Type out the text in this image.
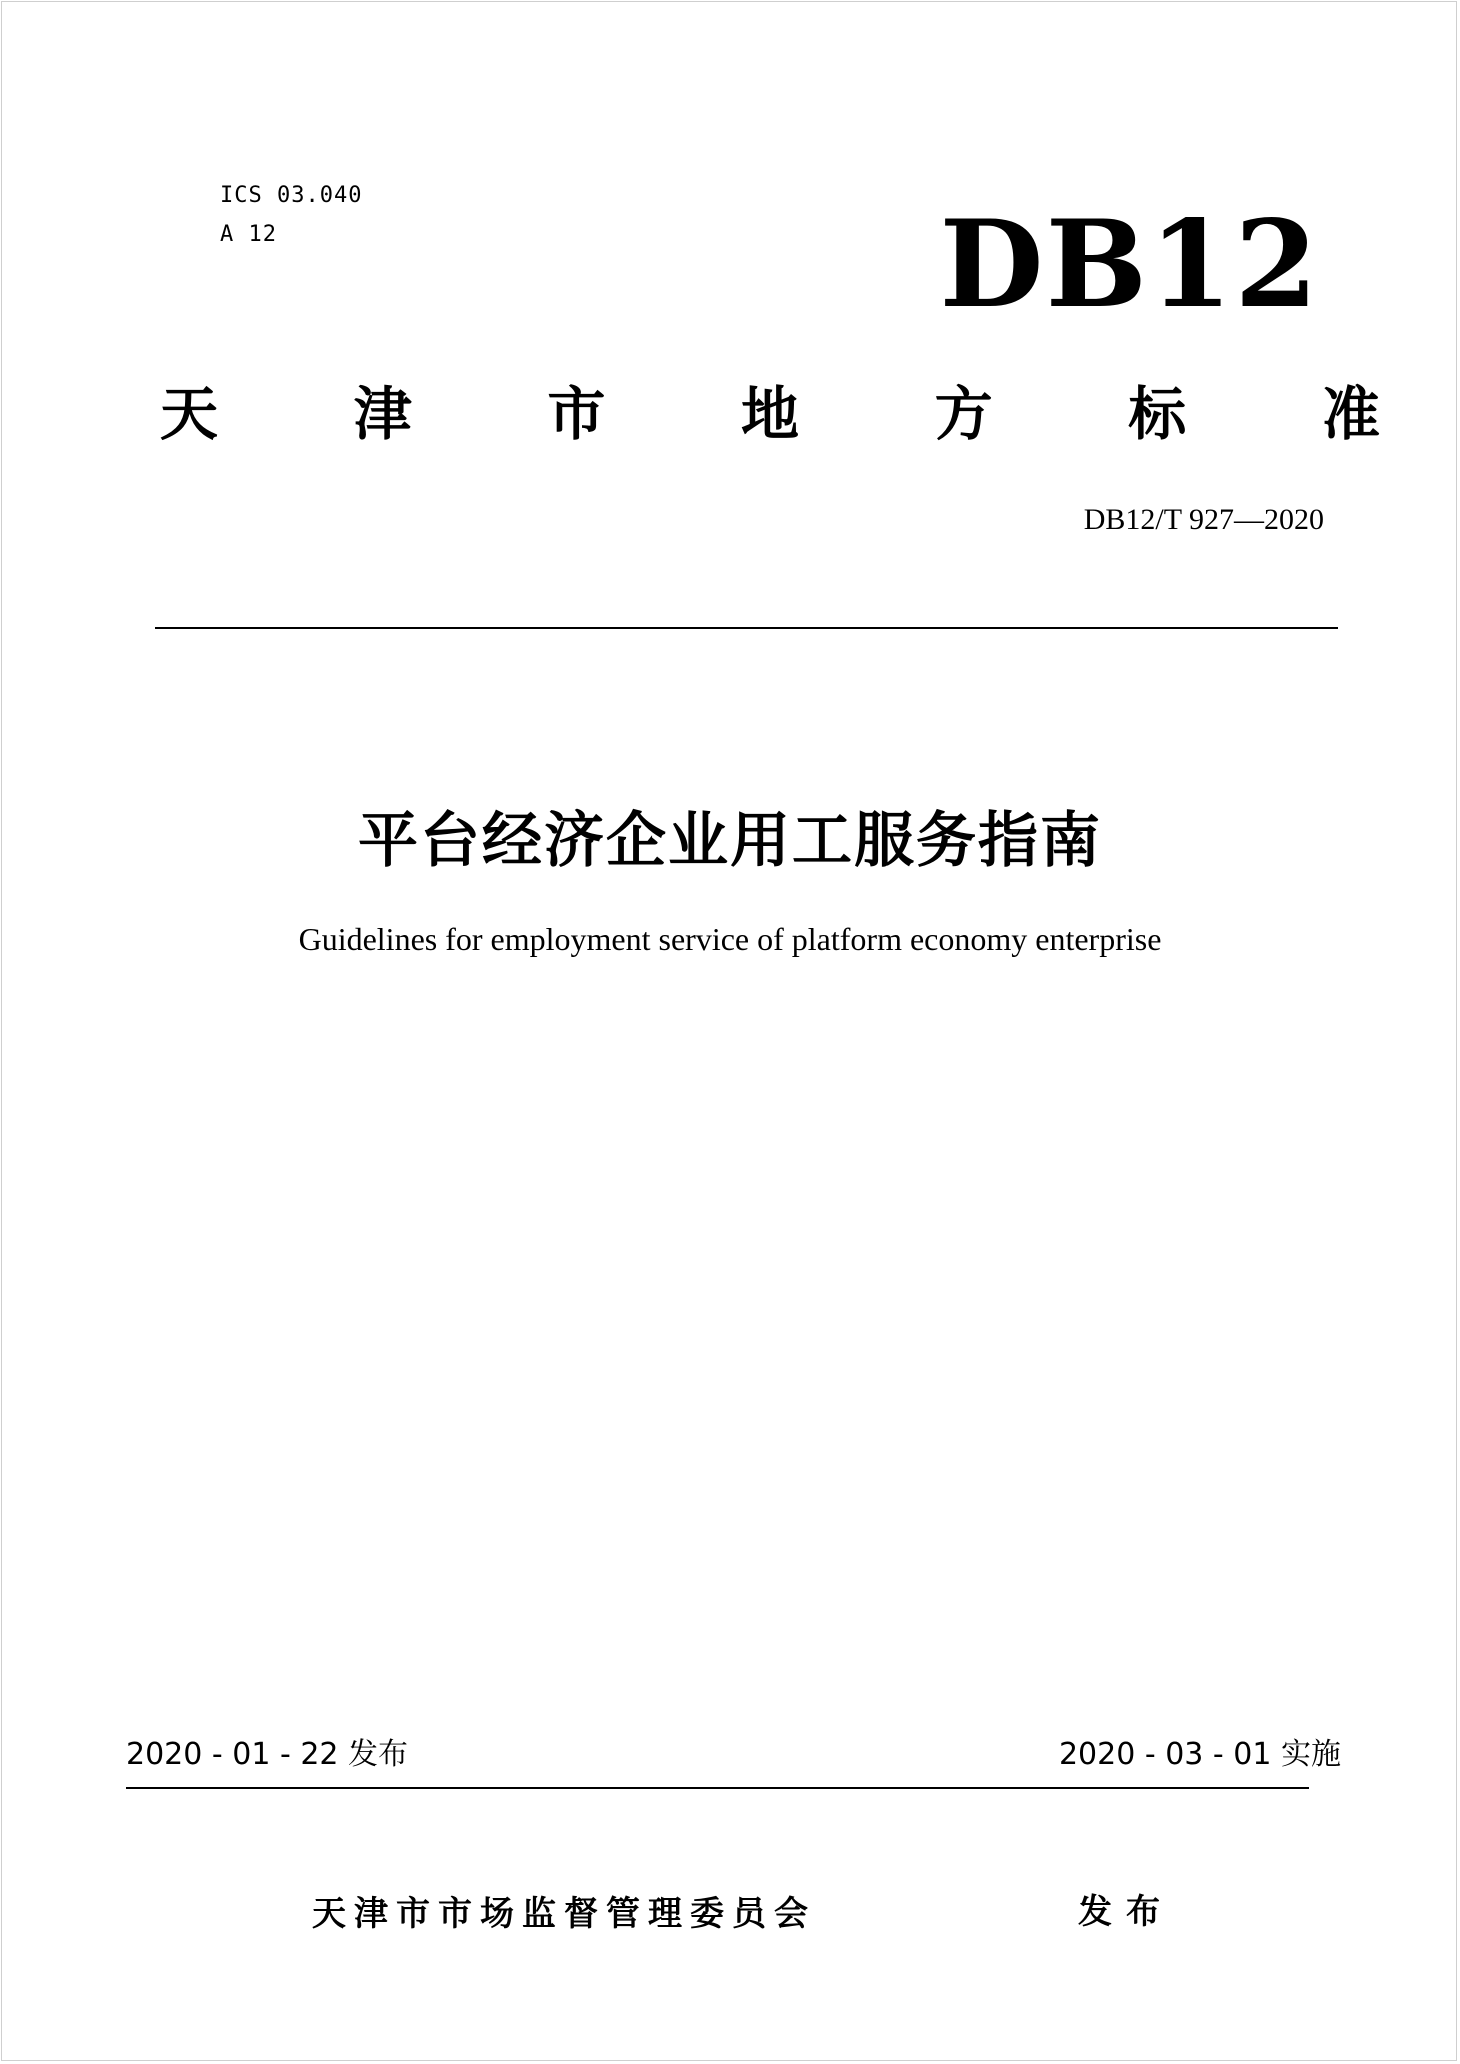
ICS 03.040
A 12	DB12
天 津 市 地 方 标 准
DB12/T 927—2020
平台经济企业用工服务指南
Guidelines for employment service of platform economy enterprise
2020 - 01 - 22 发布	2020 - 03 - 01 实施
天津市市场监督管理委员会	发布
